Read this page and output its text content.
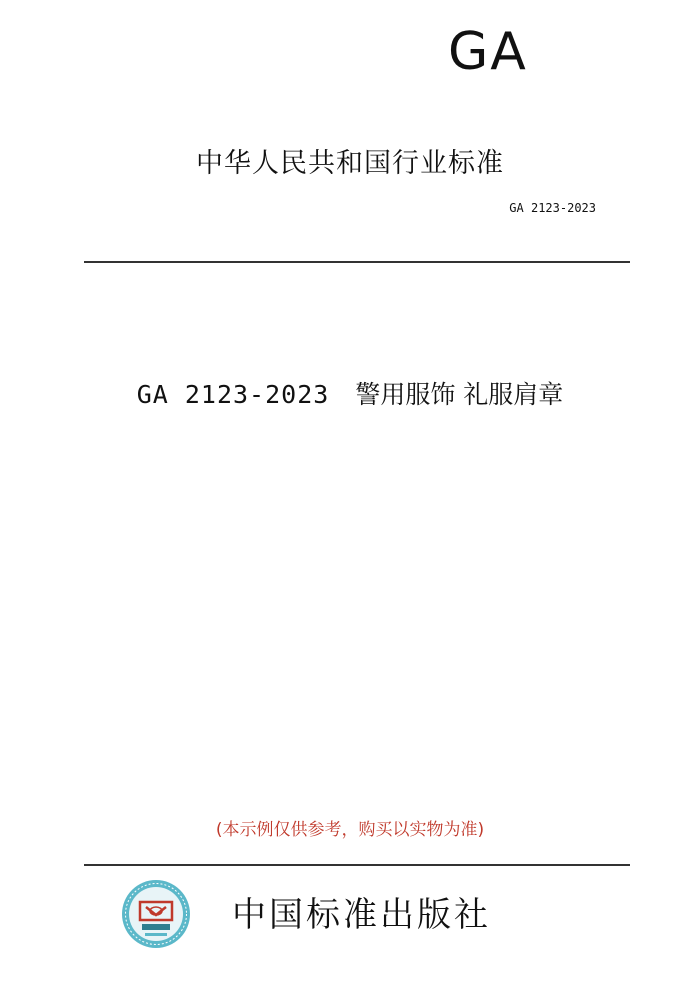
GA
中华人民共和国行业标准
GA 2123-2023
GA 2123-2023 警用服饰 礼服肩章
(本示例仅供参考，购买以实物为准)
中国标准出版社
